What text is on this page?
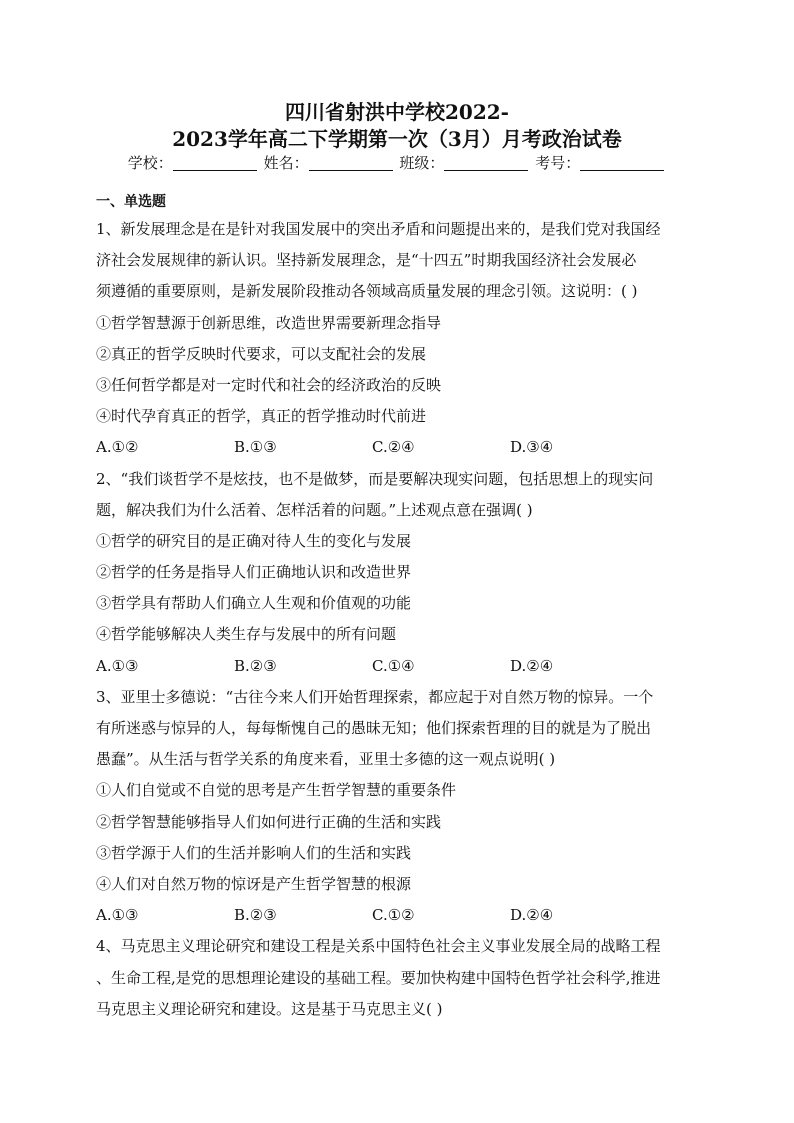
四川省射洪中学校2022-
2023学年高二下学期第一次（3月）月考政治试卷
学校：	姓名：	班级：	考号：
一、单选题
1、新发展理念是在是针对我国发展中的突出矛盾和问题提出来的，是我们党对我国经
济社会发展规律的新认识。坚持新发展理念，是“十四五”时期我国经济社会发展必
须遵循的重要原则，是新发展阶段推动各领域高质量发展的理念引领。这说明：( )
①哲学智慧源于创新思维，改造世界需要新理念指导
②真正的哲学反映时代要求，可以支配社会的发展
③任何哲学都是对一定时代和社会的经济政治的反映
④时代孕育真正的哲学，真正的哲学推动时代前进
A.①②	B.①③	C.②④	D.③④
2、“我们谈哲学不是炫技，也不是做梦，而是要解决现实问题，包括思想上的现实问
题，解决我们为什么活着、怎样活着的问题。”上述观点意在强调( )
①哲学的研究目的是正确对待人生的变化与发展
②哲学的任务是指导人们正确地认识和改造世界
③哲学具有帮助人们确立人生观和价值观的功能
④哲学能够解决人类生存与发展中的所有问题
A.①③	B.②③	C.①④	D.②④
3、亚里士多德说：“古往今来人们开始哲理探索，都应起于对自然万物的惊异。一个
有所迷惑与惊异的人，每每惭愧自己的愚昧无知；他们探索哲理的目的就是为了脱出
愚蠢”。从生活与哲学关系的角度来看，亚里士多德的这一观点说明( )
①人们自觉或不自觉的思考是产生哲学智慧的重要条件
②哲学智慧能够指导人们如何进行正确的生活和实践
③哲学源于人们的生活并影响人们的生活和实践
④人们对自然万物的惊讶是产生哲学智慧的根源
A.①③	B.②③	C.①②	D.②④
4、马克思主义理论研究和建设工程是关系中国特色社会主义事业发展全局的战略工程
、生命工程,是党的思想理论建设的基础工程。要加快构建中国特色哲学社会科学,推进
马克思主义理论研究和建设。这是基于马克思主义( )
